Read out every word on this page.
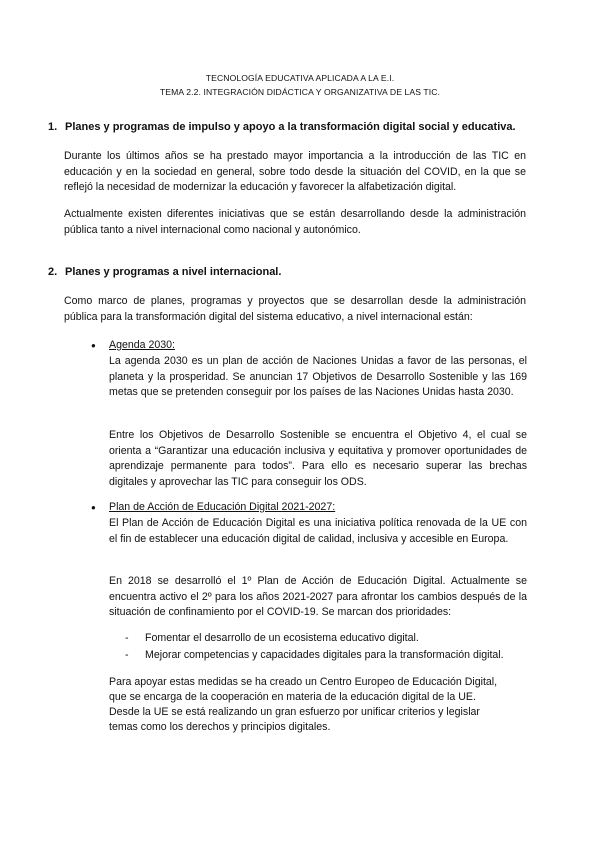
TECNOLOGÍA EDUCATIVA APLICADA A LA E.I.
TEMA 2.2. INTEGRACIÓN DIDÁCTICA Y ORGANIZATIVA DE LAS TIC.
1. Planes y programas de impulso y apoyo a la transformación digital social y educativa.

Durante los últimos años se ha prestado mayor importancia a la introducción de las TIC en educación y en la sociedad en general, sobre todo desde la situación del COVID, en la que se reflejó la necesidad de modernizar la educación y favorecer la alfabetización digital.

Actualmente existen diferentes iniciativas que se están desarrollando desde la administración pública tanto a nivel internacional como nacional y autonómico.

2. Planes y programas a nivel internacional.

Como marco de planes, programas y proyectos que se desarrollan desde la administración pública para la transformación digital del sistema educativo, a nivel internacional están:

● Agenda 2030:

La agenda 2030 es un plan de acción de Naciones Unidas a favor de las personas, el planeta y la prosperidad. Se anuncian 17 Objetivos de Desarrollo Sostenible y las 169 metas que se pretenden conseguir por los países de las Naciones Unidas hasta 2030.

Entre los Objetivos de Desarrollo Sostenible se encuentra el Objetivo 4, el cual se orienta a “Garantizar una educación inclusiva y equitativa y promover oportunidades de aprendizaje permanente para todos”. Para ello es necesario superar las brechas digitales y aprovechar las TIC para conseguir los ODS.

● Plan de Acción de Educación Digital 2021-2027:

El Plan de Acción de Educación Digital es una iniciativa política renovada de la UE con el fin de establecer una educación digital de calidad, inclusiva y accesible en Europa.

En 2018 se desarrolló el 1º Plan de Acción de Educación Digital. Actualmente se encuentra activo el 2º para los años 2021-2027 para afrontar los cambios después de la situación de confinamiento por el COVID-19. Se marcan dos prioridades:

- Fomentar el desarrollo de un ecosistema educativo digital.
- Mejorar competencias y capacidades digitales para la transformación digital.
Para apoyar estas medidas se ha creado un Centro Europeo de Educación Digital,
que se encarga de la cooperación en materia de la educación digital de la UE.
Desde la UE se está realizando un gran esfuerzo por unificar criterios y legislar
temas como los derechos y principios digitales.
